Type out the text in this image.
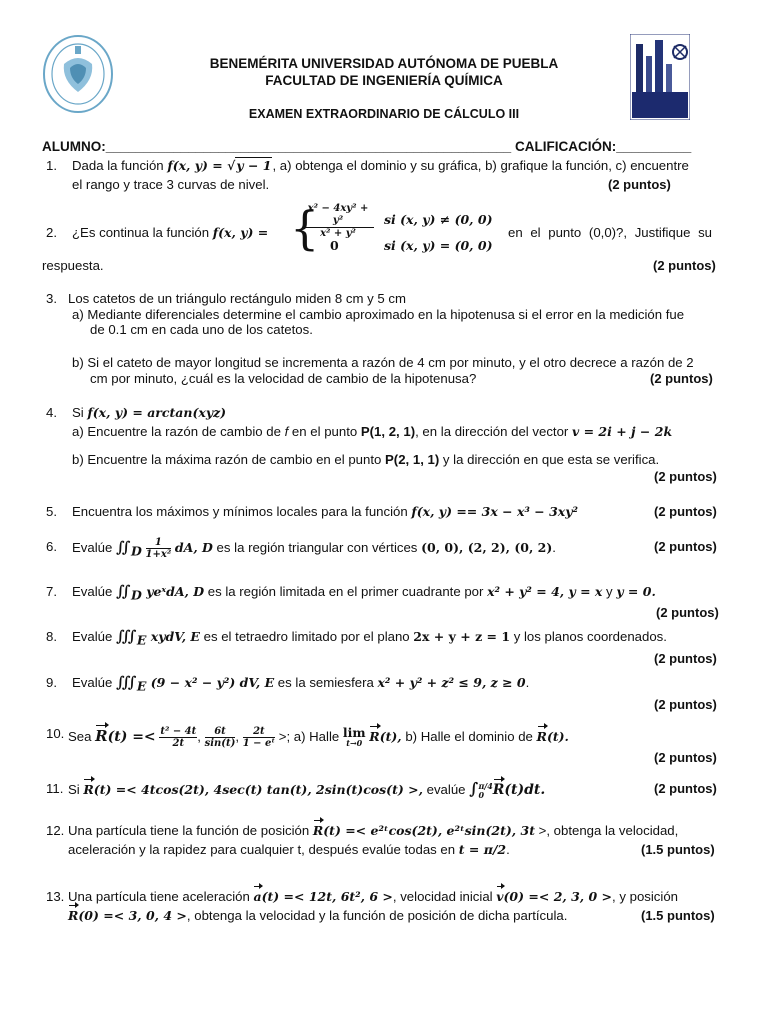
BENEMÉRITA UNIVERSIDAD AUTÓNOMA DE PUEBLA
FACULTAD DE INGENIERÍA QUÍMICA
EXAMEN EXTRAORDINARIO DE CÁLCULO III
ALUMNO:______________________________________________________ CALIFICACIÓN:__________
1. Dada la función f(x, y) = √y − 1, a) obtenga el dominio y su gráfica, b) grafique la función, c) encuentre
el rango y trace 3 curvas de nivel.	(2 puntos)
2. ¿Es continua la función f(x, y) = {
x² − 4xy² + y²
x² + y²
si (x, y) ≠ (0, 0)
0	si (x, y) = (0, 0)
en el punto (0,0)?, Justifique su
respuesta.	(2 puntos)
3. Los catetos de un triángulo rectángulo miden 8 cm y 5 cm
a) Mediante diferenciales determine el cambio aproximado en la hipotenusa si el error en la medición fue
de 0.1 cm en cada uno de los catetos.
b) Si el cateto de mayor longitud se incrementa a razón de 4 cm por minuto, y el otro decrece a razón de 2
cm por minuto, ¿cuál es la velocidad de cambio de la hipotenusa?	(2 puntos)
4. Si f(x, y) = arctan(xyz)
a) Encuentre la razón de cambio de f en el punto P(1, 2, 1), en la dirección del vector v = 2i + j − 2k
b) Encuentre la máxima razón de cambio en el punto P(2, 1, 1) y la dirección en que esta se verifica.
(2 puntos)
5. Encuentra los máximos y mínimos locales para la función f(x, y) == 3x − x³ − 3xy²	(2 puntos)
6. Evalúe $∬_D \frac{1}{\text{1+x²}}$ dA, D es la región triangular con vértices (0, 0), (2, 2), (0, 2).	(2 puntos)
7. Evalúe $∬_D$ yeˣdA, D es la región limitada en el primer cuadrante por x² + y² = 4, y = x y y = 0.
(2 puntos)
8. Evalúe $∭_E$ xydV, E es el tetraedro limitado por el plano 2x + y + z = 1 y los planos coordenados.
(2 puntos)
9. Evalúe $∭_E$ (9 − x² − y²) dV, E es la semiesfera x² + y² + z² ≤ 9, z ≥ 0.
(2 puntos)
10. Sea $R(t) =< \frac{\text{t² − 4t}}{2t}$ , $\frac{6t}{\sin(t)}$ , $\frac{2t}{\text{1 − eᵗ}}$ >; a) Halle lim
t→0 R(t), b) Halle el dominio de R(t).
(2 puntos)
11. Si R(t) =< 4tcos(2t), 4sec(t) tan(t), 2sin(t)cos(t) >, evalúe ∫ π/4
0 R(t)dt.	(2 puntos)
12. Una partícula tiene la función de posición R(t) =< e²ᵗcos(2t), e²ᵗsin(2t), 3t >, obtenga la velocidad,
aceleración y la rapidez para cualquier t, después evalúe todas en t = π/2.	(1.5 puntos)
13. Una partícula tiene aceleración a(t) =< 12t, 6t², 6 >, velocidad inicial v(0) =< 2, 3, 0 >, y posición
R(0) =< 3, 0, 4 >, obtenga la velocidad y la función de posición de dicha partícula.	(1.5 puntos)
